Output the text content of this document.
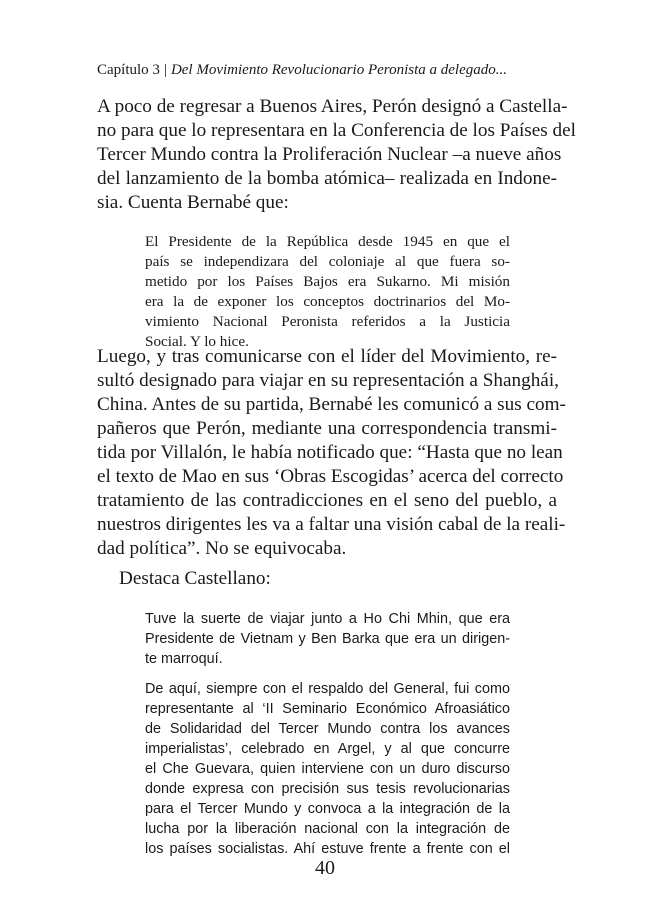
Capítulo 3 | Del Movimiento Revolucionario Peronista a delegado...
A poco de regresar a Buenos Aires, Perón designó a Castella-
no para que lo representara en la Conferencia de los Países del
Tercer Mundo contra la Proliferación Nuclear –a nueve años
del lanzamiento de la bomba atómica– realizada en Indone-
sia. Cuenta Bernabé que:
El Presidente de la República desde 1945 en que el
país se independizara del coloniaje al que fuera so-
metido por los Países Bajos era Sukarno. Mi misión
era la de exponer los conceptos doctrinarios del Mo-
vimiento Nacional Peronista referidos a la Justicia
Social. Y lo hice.
Luego, y tras comunicarse con el líder del Movimiento, re-
sultó designado para viajar en su representación a Shanghái,
China. Antes de su partida, Bernabé les comunicó a sus com-
pañeros que Perón, mediante una correspondencia transmi-
tida por Villalón, le había notificado que: “Hasta que no lean
el texto de Mao en sus ‘Obras Escogidas’ acerca del correcto
tratamiento de las contradicciones en el seno del pueblo, a
nuestros dirigentes les va a faltar una visión cabal de la reali-
dad política”. No se equivocaba.
Destaca Castellano:
Tuve la suerte de viajar junto a Ho Chi Mhin, que era
Presidente de Vietnam y Ben Barka que era un dirigen-
te marroquí.
De aquí, siempre con el respaldo del General, fui como
representante al ‘II Seminario Económico Afroasiático
de Solidaridad del Tercer Mundo contra los avances
imperialistas’, celebrado en Argel, y al que concurre
el Che Guevara, quien interviene con un duro discurso
donde expresa con precisión sus tesis revolucionarias
para el Tercer Mundo y convoca a la integración de la
lucha por la liberación nacional con la integración de
los países socialistas. Ahí estuve frente a frente con el
40
